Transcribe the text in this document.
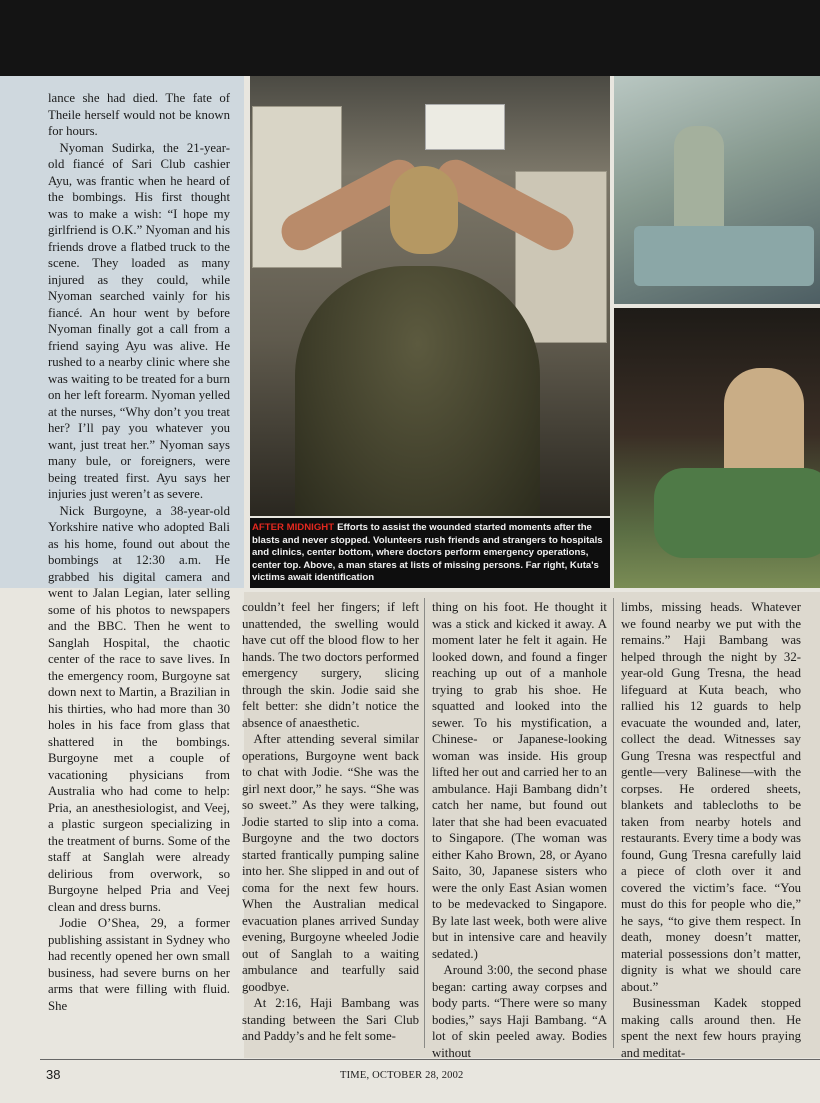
AFTER MIDNIGHT Efforts to assist the wounded started moments after the blasts and never stopped. Volunteers rush friends and strangers to hospitals and clinics, center bottom, where doctors perform emergency operations, center top. Above, a man stares at lists of missing persons. Far right, Kuta's victims await identification

lance she had died. The fate of Theile herself would not be known for hours.

Nyoman Sudirka, the 21-year-old fiancé of Sari Club cashier Ayu, was frantic when he heard of the bombings. His first thought was to make a wish: “I hope my girlfriend is O.K.” Nyoman and his friends drove a flatbed truck to the scene. They loaded as many injured as they could, while Nyoman searched vainly for his fiancé. An hour went by before Nyoman finally got a call from a friend saying Ayu was alive. He rushed to a nearby clinic where she was waiting to be treated for a burn on her left forearm. Nyoman yelled at the nurses, “Why don’t you treat her? I’ll pay you whatever you want, just treat her.” Nyoman says many bule, or foreigners, were being treated first. Ayu says her injuries just weren’t as severe.

Nick Burgoyne, a 38-year-old Yorkshire native who adopted Bali as his home, found out about the bombings at 12:30 a.m. He grabbed his digital camera and went to Jalan Legian, later selling some of his photos to newspapers and the BBC. Then he went to Sanglah Hospital, the chaotic center of the race to save lives. In the emergency room, Burgoyne sat down next to Martin, a Brazilian in his thirties, who had more than 30 holes in his face from glass that shattered in the bombings. Burgoyne met a couple of vacationing physicians from Australia who had come to help: Pria, an anesthesiologist, and Veej, a plastic surgeon specializing in the treatment of burns. Some of the staff at Sanglah were already delirious from overwork, so Burgoyne helped Pria and Veej clean and dress burns.

Jodie O’Shea, 29, a former publishing assistant in Sydney who had recently opened her own small business, had severe burns on her arms that were filling with fluid. She

couldn’t feel her fingers; if left unattended, the swelling would have cut off the blood flow to her hands. The two doctors performed emergency surgery, slicing through the skin. Jodie said she felt better: she didn’t notice the absence of anaesthetic.

After attending several similar operations, Burgoyne went back to chat with Jodie. “She was the girl next door,” he says. “She was so sweet.” As they were talking, Jodie started to slip into a coma. Burgoyne and the two doctors started frantically pumping saline into her. She slipped in and out of coma for the next few hours. When the Australian medical evacuation planes arrived Sunday evening, Burgoyne wheeled Jodie out of Sanglah to a waiting ambulance and tearfully said goodbye.

At 2:16, Haji Bambang was standing between the Sari Club and Paddy’s and he felt some-

thing on his foot. He thought it was a stick and kicked it away. A moment later he felt it again. He looked down, and found a finger reaching up out of a manhole trying to grab his shoe. He squatted and looked into the sewer. To his mystification, a Chinese- or Japanese-looking woman was inside. His group lifted her out and carried her to an ambulance. Haji Bambang didn’t catch her name, but found out later that she had been evacuated to Singapore. (The woman was either Kaho Brown, 28, or Ayano Saito, 30, Japanese sisters who were the only East Asian women to be medevacked to Singapore. By late last week, both were alive but in intensive care and heavily sedated.)

Around 3:00, the second phase began: carting away corpses and body parts. “There were so many bodies,” says Haji Bambang. “A lot of skin peeled away. Bodies without

limbs, missing heads. Whatever we found nearby we put with the remains.” Haji Bambang was helped through the night by 32-year-old Gung Tresna, the head lifeguard at Kuta beach, who rallied his 12 guards to help evacuate the wounded and, later, collect the dead. Witnesses say Gung Tresna was respectful and gentle—very Balinese—with the corpses. He ordered sheets, blankets and tablecloths to be taken from nearby hotels and restaurants. Every time a body was found, Gung Tresna carefully laid a piece of cloth over it and covered the victim’s face. “You must do this for people who die,” he says, “to give them respect. In death, money doesn’t matter, material possessions don’t matter, dignity is what we should care about.”

Businessman Kadek stopped making calls around then. He spent the next few hours praying and meditat-

38	TIME, OCTOBER 28, 2002
